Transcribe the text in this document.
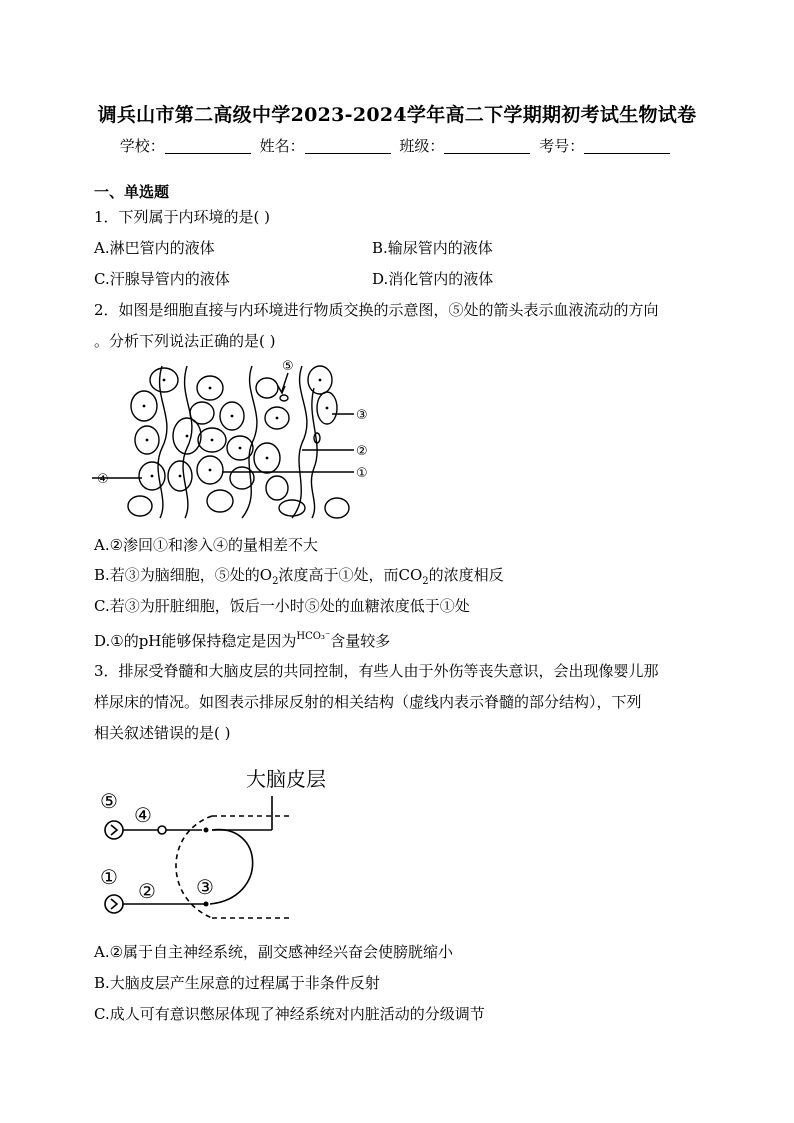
调兵山市第二高级中学2023-2024学年高二下学期期初考试生物试卷
学校：	姓名：	班级：	考号：
一、单选题
1．下列属于内环境的是( )
A.淋巴管内的液体	B.输尿管内的液体
C.汗腺导管内的液体	D.消化管内的液体
2．如图是细胞直接与内环境进行物质交换的示意图，⑤处的箭头表示血液流动的方向
。分析下列说法正确的是( )
⑤
③
②
①
④
A.②渗回①和渗入④的量相差不大
B.若③为脑细胞，⑤处的$O_2$浓度高于①处，而$CO_2$的浓度相反
C.若③为肝脏细胞，饭后一小时⑤处的血糖浓度低于①处
D.①的pH能够保持稳定是因为HCO₃⁻含量较多
3．排尿受脊髓和大脑皮层的共同控制，有些人由于外伤等丧失意识，会出现像婴儿那
样尿床的情况。如图表示排尿反射的相关结构（虚线内表示脊髓的部分结构），下列
相关叙述错误的是( )
大脑皮层
⑤
④
①
② ③
A.②属于自主神经系统，副交感神经兴奋会使膀胱缩小
B.大脑皮层产生尿意的过程属于非条件反射
C.成人可有意识憋尿体现了神经系统对内脏活动的分级调节
